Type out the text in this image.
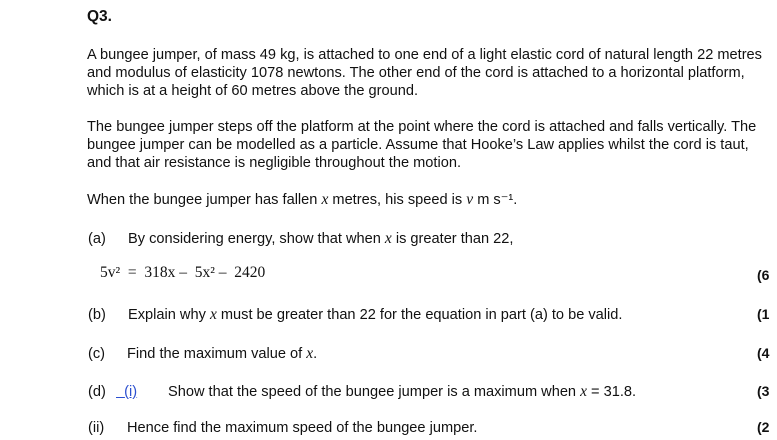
Q3.
A bungee jumper, of mass 49 kg, is attached to one end of a light elastic cord of natural length 22 metres and modulus of elasticity 1078 newtons. The other end of the cord is attached to a horizontal platform, which is at a height of 60 metres above the ground.
The bungee jumper steps off the platform at the point where the cord is attached and falls vertically. The bungee jumper can be modelled as a particle. Assume that Hooke’s Law applies whilst the cord is taut, and that air resistance is negligible throughout the motion.
When the bungee jumper has fallen x metres, his speed is v m s⁻¹.
(a) By considering energy, show that when x is greater than 22,
5v²  =  318x –  5x² –  2420	(6
(b) Explain why x must be greater than 22 for the equation in part (a) to be valid.	(1
(c) Find the maximum value of x.	(4
(d)	(i) Show that the speed of the bungee jumper is a maximum when x = 31.8.	(3
(ii) Hence find the maximum speed of the bungee jumper.	(2
